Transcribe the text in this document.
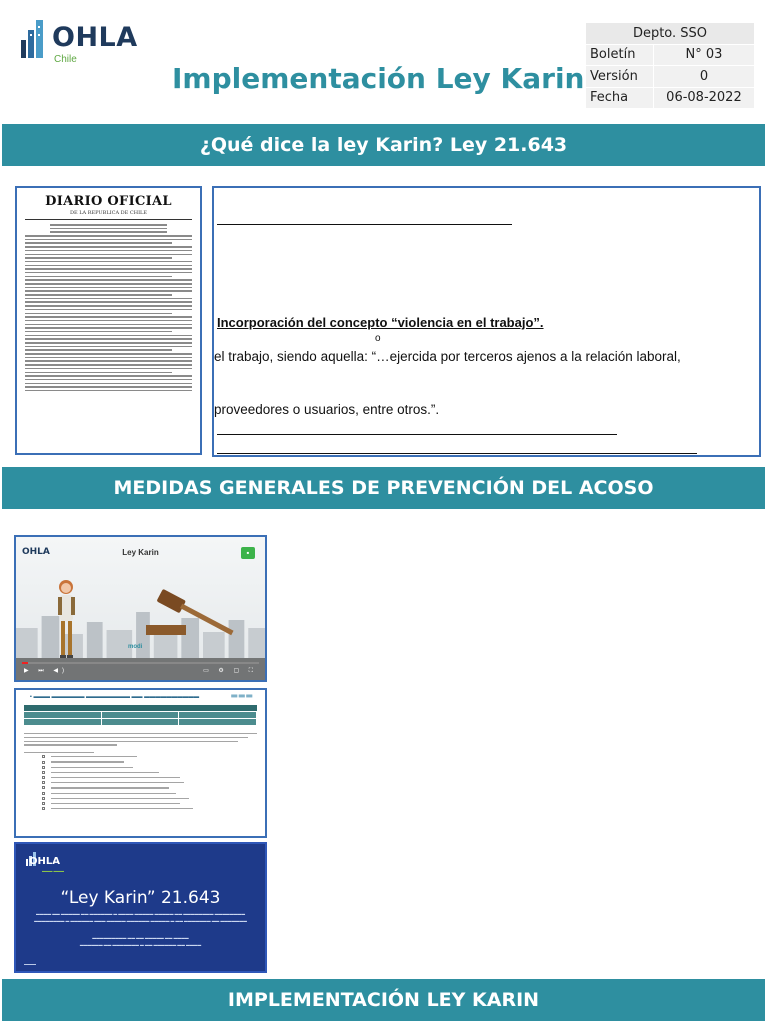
OHLA
Chile
Implementación Ley Karin
Depto. SSO	
Boletín	N° 03
Versión	0
Fecha	06-08-2022
¿Qué dice la ley Karin? Ley 21.643
DIARIO OFICIAL
DE LA REPUBLICA DE CHILE
Incorporación del concepto “violencia en el trabajo”.
o
el trabajo, siendo aquella: “…ejercida por terceros ajenos a la relación laboral,
proveedores o usuarios, entre otros.”.
MEDIDAS GENERALES DE PREVENCIÓN DEL ACOSO
OHLA	Ley Karin	■
modi
▶ ⏭ ◀)	▭ ⚙ ▢ ⛶
▪ ▬▬▬ ▬▬▬▬▬▬ ▬▬▬▬▬▬▬▬ ▬▬ ▬▬▬▬▬▬▬▬▬▬	▬▬▬
OHLA
▬▬▬ ▬▬▬
“Ley Karin” 21.643
▬▬▬▬ ▬▬ ▬▬▬▬▬ ▬▬ ▬▬▬▬▬▬ ▬ ▬▬▬▬ ▬▬▬▬▬ ▬▬▬▬▬ ▬▬ ▬▬▬▬▬▬▬▬ ▬▬▬▬▬▬▬▬
▬▬▬▬▬▬▬▬ ▬ ▬▬▬▬▬▬ ▬▬▬ ▬▬▬▬▬ ▬▬▬▬▬▬ ▬▬▬▬▬ ▬ ▬▬ ▬▬▬▬▬▬▬ ▬▬ ▬▬▬▬▬▬▬
▬▬▬▬▬▬▬▬▬ ▬▬ ▬▬ ▬▬▬▬▬ ▬▬ ▬▬▬▬
▬▬▬▬▬▬ ▬▬ ▬▬▬▬▬▬▬ ▬ ▬▬ ▬▬▬▬▬▬ ▬▬ ▬▬▬▬
▬▬▬▬
IMPLEMENTACIÓN LEY KARIN
